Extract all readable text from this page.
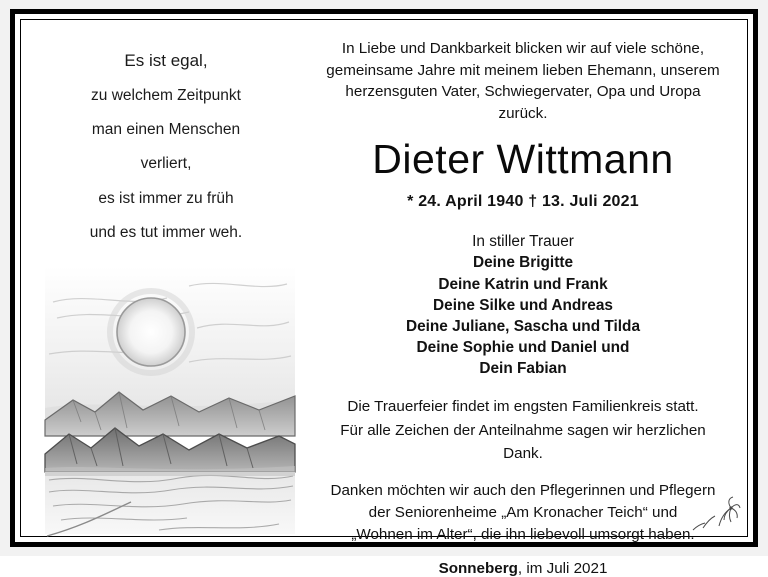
Es ist egal,
zu welchem Zeitpunkt
man einen Menschen
verliert,
es ist immer zu früh
und es tut immer weh.
In Liebe und Dankbarkeit blicken wir auf viele schöne,
gemeinsame Jahre mit meinem lieben Ehemann, unserem
herzensguten Vater, Schwiegervater, Opa und Uropa zurück.
Dieter Wittmann
* 24. April 1940 † 13. Juli 2021
In stiller Trauer
Deine Brigitte
Deine Katrin und Frank
Deine Silke und Andreas
Deine Juliane, Sascha und Tilda
Deine Sophie und Daniel und
Dein Fabian
Die Trauerfeier findet im engsten Familienkreis statt.
Für alle Zeichen der Anteilnahme sagen wir herzlichen Dank.
Danken möchten wir auch den Pflegerinnen und Pflegern
der Seniorenheime „Am Kronacher Teich“ und
„Wohnen im Alter“, die ihn liebevoll umsorgt haben.
Sonneberg, im Juli 2021
